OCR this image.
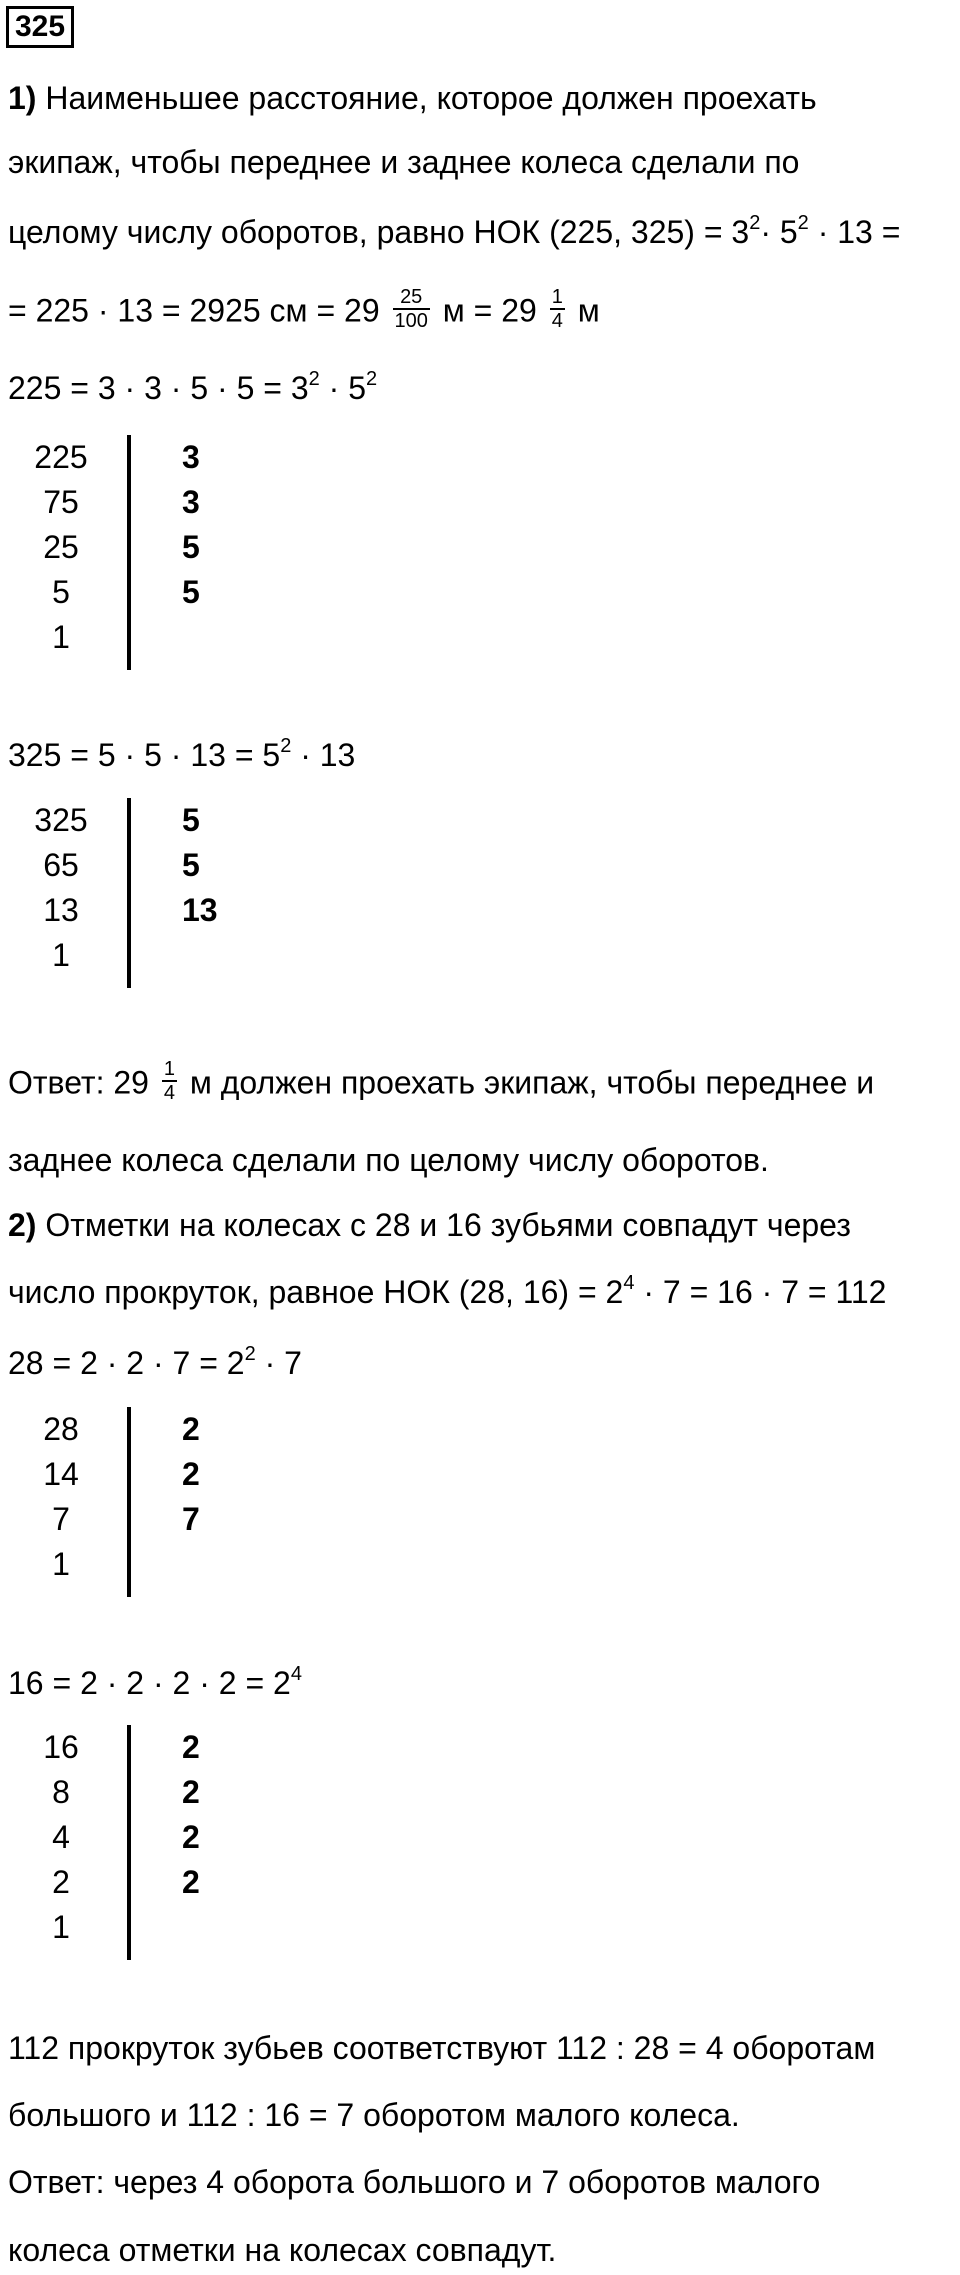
325
1) Наименьшее расстояние, которое должен проехать
экипаж, чтобы переднее и заднее колеса сделали по
целому числу оборотов, равно НОК (225, $325) = 3^2\cdot 5^2 \cdot 13$ =
= 225 · 13 = 2925 см = $29 \frac{25}{100}$ $м = 29 \frac{1}{4}$ м
$225 = 3 \cdot 3 \cdot 5 \cdot 5 = 3^2 \cdot 5^2$
225	3
75	3
25	5
5	5
1
$325 = 5 \cdot 5 \cdot 13 = 5^2 \cdot 13$
325	5
65	5
13	13
1
Ответ: $29 \frac{1}{4}$ м должен проехать экипаж, чтобы переднее и
заднее колеса сделали по целому числу оборотов.
2) Отметки на колесах с 28 и 16 зубьями совпадут через
число прокруток, равное НОК (28, $16) = 2^4 \cdot 7 = 16 \cdot 7 = 112$
$28 = 2 \cdot 2 \cdot 7 = 2^2 \cdot 7$
28	2
14	2
7	7
1
$16 = 2 \cdot 2 \cdot 2 \cdot 2 = 2^4$
16	2
8	2
4	2
2	2
1
112 прокруток зубьев соответствуют 112 : 28 = 4 оборотам
большого и 112 : 16 = 7 оборотом малого колеса.
Ответ: через 4 оборота большого и 7 оборотов малого
колеса отметки на колесах совпадут.
